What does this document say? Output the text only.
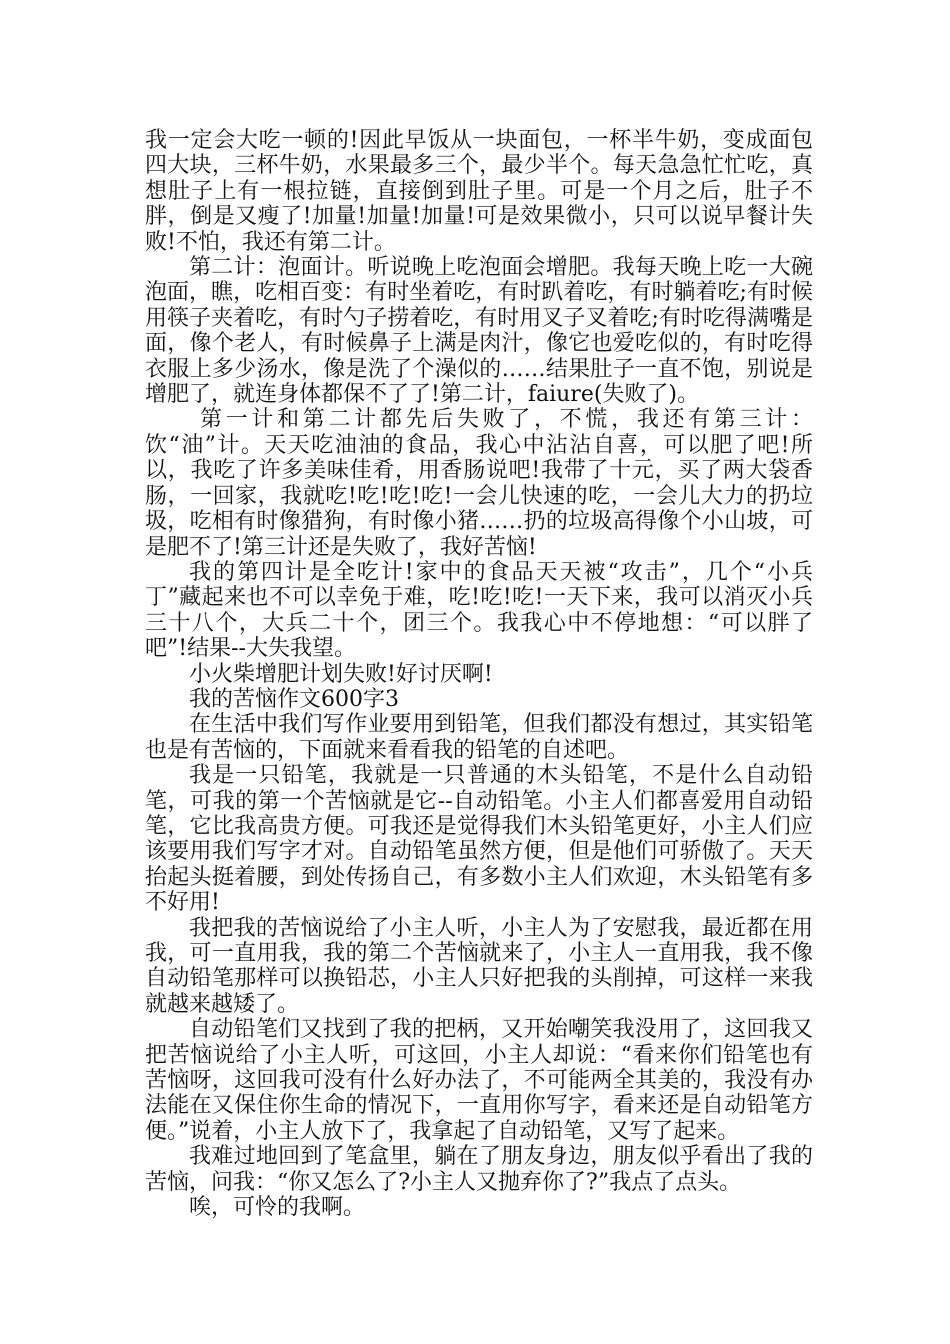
我一定会大吃一顿的!因此早饭从一块面包，一杯半牛奶，变成面包四大块，三杯牛奶，水果最多三个，最少半个。每天急急忙忙吃，真想肚子上有一根拉链，直接倒到肚子里。可是一个月之后，肚子不胖，倒是又瘦了!加量!加量!加量!可是效果微小，只可以说早餐计失败!不怕，我还有第二计。

第二计：泡面计。听说晚上吃泡面会增肥。我每天晚上吃一大碗泡面，瞧，吃相百变：有时坐着吃，有时趴着吃，有时躺着吃;有时候用筷子夹着吃，有时勺子捞着吃，有时用叉子叉着吃;有时吃得满嘴是面，像个老人，有时候鼻子上满是肉汁，像它也爱吃似的，有时吃得衣服上多少汤水，像是洗了个澡似的……结果肚子一直不饱，别说是增肥了，就连身体都保不了了!第二计，faiure(失败了)。

第一计和第二计都先后失败了，不慌，我还有第三计：饮“油”计。天天吃油油的食品，我心中沾沾自喜，可以肥了吧!所以，我吃了许多美味佳肴，用香肠说吧!我带了十元，买了两大袋香肠，一回家，我就吃!吃!吃!吃!一会儿快速的吃，一会儿大力的扔垃圾，吃相有时像猎狗，有时像小猪……扔的垃圾高得像个小山坡，可是肥不了!第三计还是失败了，我好苦恼!

我的第四计是全吃计!家中的食品天天被“攻击”，几个“小兵丁”藏起来也不可以幸免于难，吃!吃!吃!一天下来，我可以消灭小兵三十八个，大兵二十个，团三个。我我心中不停地想：“可以胖了吧”!结果--大失我望。

小火柴增肥计划失败!好讨厌啊!

我的苦恼作文600字3

在生活中我们写作业要用到铅笔，但我们都没有想过，其实铅笔也是有苦恼的，下面就来看看我的铅笔的自述吧。

我是一只铅笔，我就是一只普通的木头铅笔，不是什么自动铅笔，可我的第一个苦恼就是它--自动铅笔。小主人们都喜爱用自动铅笔，它比我高贵方便。可我还是觉得我们木头铅笔更好，小主人们应该要用我们写字才对。自动铅笔虽然方便，但是他们可骄傲了。天天抬起头挺着腰，到处传扬自己，有多数小主人们欢迎，木头铅笔有多不好用!

我把我的苦恼说给了小主人听，小主人为了安慰我，最近都在用我，可一直用我，我的第二个苦恼就来了，小主人一直用我，我不像自动铅笔那样可以换铅芯，小主人只好把我的头削掉，可这样一来我就越来越矮了。

自动铅笔们又找到了我的把柄，又开始嘲笑我没用了，这回我又把苦恼说给了小主人听，可这回，小主人却说：“看来你们铅笔也有苦恼呀，这回我可没有什么好办法了，不可能两全其美的，我没有办法能在又保住你生命的情况下，一直用你写字，看来还是自动铅笔方便。”说着，小主人放下了，我拿起了自动铅笔，又写了起来。

我难过地回到了笔盒里，躺在了朋友身边，朋友似乎看出了我的苦恼，问我：“你又怎么了?小主人又抛弃你了?”我点了点头。

唉，可怜的我啊。
